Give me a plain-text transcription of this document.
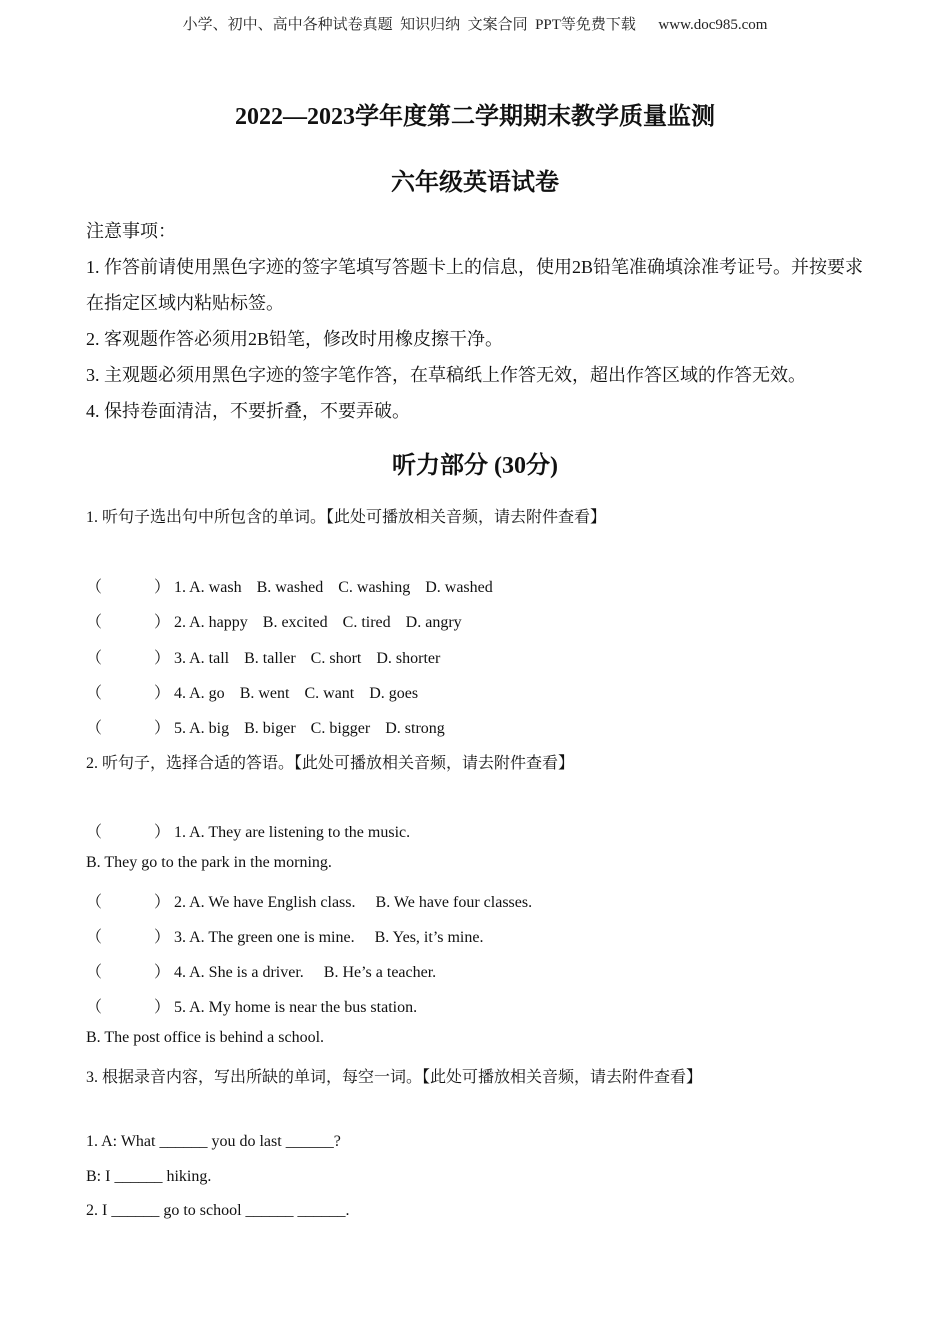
小学、初中、高中各种试卷真题  知识归纳  文案合同  PPT等免费下载 www.doc985.com
2022—2023学年度第二学期期末教学质量监测
六年级英语试卷
注意事项：
1. 作答前请使用黑色字迹的签字笔填写答题卡上的信息，使用2B铅笔准确填涂准考证号。并按要求在指定区域内粘贴标签。
2. 客观题作答必须用2B铅笔，修改时用橡皮擦干净。
3. 主观题必须用黑色字迹的签字笔作答，在草稿纸上作答无效，超出作答区域的作答无效。
4. 保持卷面清洁，不要折叠，不要弄破。
听力部分 (30分)
1. 听句子选出句中所包含的单词。【此处可播放相关音频，请去附件查看】
（	） 1. A. wash B. washed C. washing D. washed
（	） 2. A. happy B. excited C. tired D. angry
（	） 3. A. tall B. taller C. short D. shorter
（	） 4. A. go B. went C. want D. goes
（	） 5. A. big B. biger C. bigger D. strong
2. 听句子，选择合适的答语。【此处可播放相关音频，请去附件查看】
（	） 1. A. They are listening to the music.
B. They go to the park in the morning.
（	） 2. A. We have English class. B. We have four classes.
（	） 3. A. The green one is mine. B. Yes, it’s mine.
（	） 4. A. She is a driver. B. He’s a teacher.
（	） 5. A. My home is near the bus station.
B. The post office is behind a school.
3. 根据录音内容，写出所缺的单词，每空一词。【此处可播放相关音频，请去附件查看】
1. A: What ______ you do last ______?
B: I ______ hiking.
2. I ______ go to school ______ ______.
